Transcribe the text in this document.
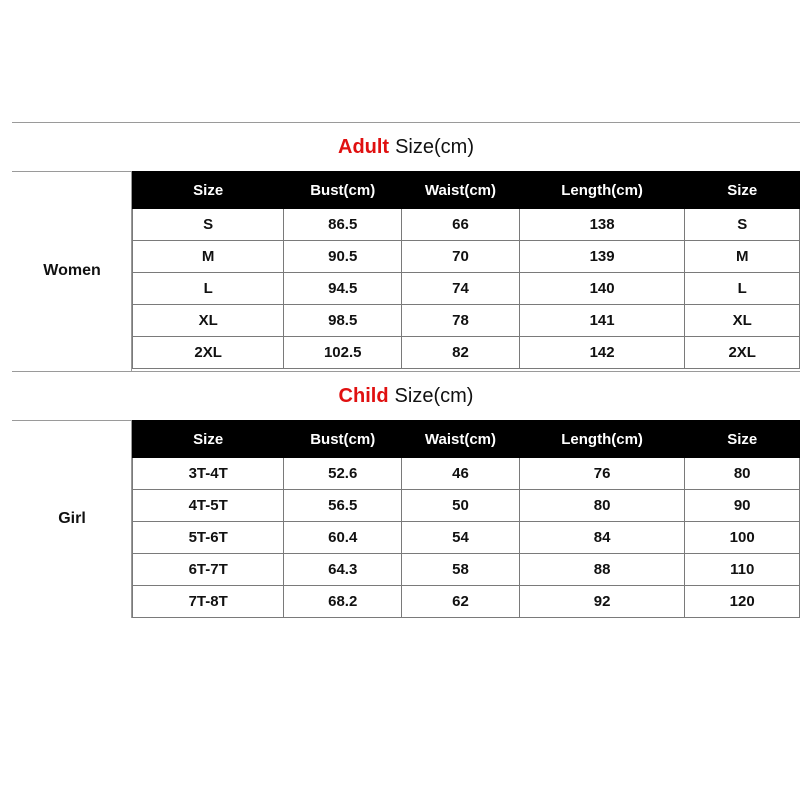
Adult Size(cm)
Women
Size	Bust(cm)	Waist(cm)	Length(cm)	Size
S	86.5	66	138	S
M	90.5	70	139	M
L	94.5	74	140	L
XL	98.5	78	141	XL
2XL	102.5	82	142	2XL
Child Size(cm)
Girl
Size	Bust(cm)	Waist(cm)	Length(cm)	Size
3T-4T	52.6	46	76	80
4T-5T	56.5	50	80	90
5T-6T	60.4	54	84	100
6T-7T	64.3	58	88	110
7T-8T	68.2	62	92	120
